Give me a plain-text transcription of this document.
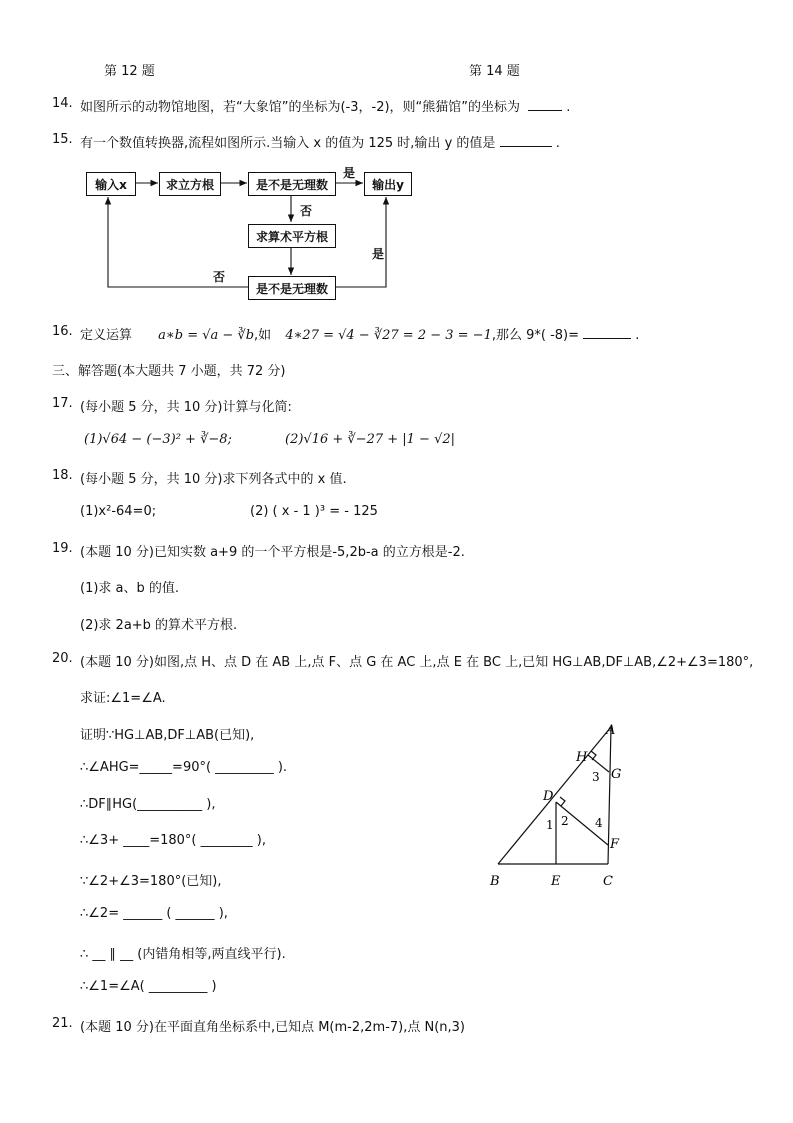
第 12 题	第 14 题
14. 如图所示的动物馆地图，若“大象馆”的坐标为(-3，-2)，则“熊猫馆”的坐标为	.
15. 有一个数值转换器,流程如图所示.当输入 x 的值为 125 时,输出 y 的值是	.
输入x	求立方根	是不是无理数	输出y
求算术平方根
是不是无理数
是
否
是
否
16. 定义运算 a∗b = √a − ∛b,如 4∗27 = √4 − ∛27 = 2 − 3 = −1,那么 9*( -8)=	.
三、解答题(本大题共 7 小题，共 72 分)
17. (每小题 5 分，共 10 分)计算与化简:
(1)√64 − (−3)² + ∛−8;	(2)√16 + ∛−27 + |1 − √2|
18. (每小题 5 分，共 10 分)求下列各式中的 x 值.
(1)x²-64=0;	(2) ( x - 1 )³ = - 125
19. (本题 10 分)已知实数 a+9 的一个平方根是-5,2b-a 的立方根是-2.
(1)求 a、b 的值.
(2)求 2a+b 的算术平方根.
20. (本题 10 分)如图,点 H、点 D 在 AB 上,点 F、点 G 在 AC 上,点 E 在 BC 上,已知 HG⊥AB,DF⊥AB,∠2+∠3=180°,
求证:∠1=∠A.
证明∵HG⊥AB,DF⊥AB(已知),
∴∠AHG=_____=90°( _________ ).
∴DF∥HG(__________ ),
∴∠3+ ____=180°( ________ ),
∵∠2+∠3=180°(已知),
∴∠2= ______ ( ______ ),
∴ __ ∥ __ (内错角相等,两直线平行).
∴∠1=∠A( _________ )
A
H
G
D
F
B	E	C
1 2
3
4
21. (本题 10 分)在平面直角坐标系中,已知点 M(m-2,2m-7),点 N(n,3)
